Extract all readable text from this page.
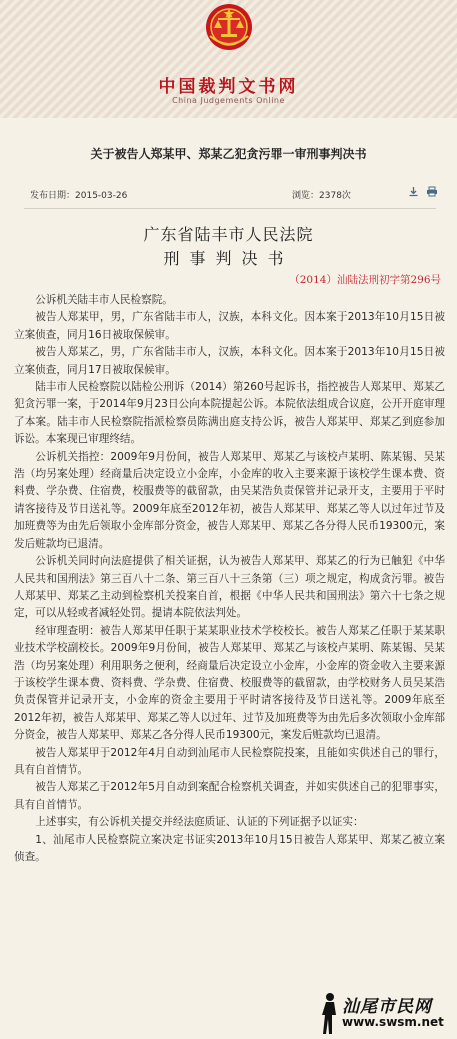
中国裁判文书网
China Judgements Online
关于被告人郑某甲、郑某乙犯贪污罪一审刑事判决书
发布日期：2015-03-26	浏览：2378次
广东省陆丰市人民法院
刑事判决书
（2014）汕陆法刑初字第296号

公诉机关陆丰市人民检察院。

被告人郑某甲，男，广东省陆丰市人，汉族，本科文化。因本案于2013年10月15日被立案侦查，同月16日被取保候审。

被告人郑某乙，男，广东省陆丰市人，汉族，本科文化。因本案于2013年10月15日被立案侦查，同月17日被取保候审。

陆丰市人民检察院以陆检公刑诉（2014）第260号起诉书，指控被告人郑某甲、郑某乙犯贪污罪一案，于2014年9月23日公向本院提起公诉。本院依法组成合议庭，公开开庭审理了本案。陆丰市人民检察院指派检察员陈满出庭支持公诉，被告人郑某甲、郑某乙到庭参加诉讼。本案现已审理终结。

公诉机关指控：2009年9月份间，被告人郑某甲、郑某乙与该校卢某明、陈某锡、吴某浩（均另案处理）经商量后决定设立小金库，小金库的收入主要来源于该校学生课本费、资料费、学杂费、住宿费，校服费等的截留款，由吴某浩负责保管并记录开支，主要用于平时请客接待及节日送礼等。2009年底至2012年初，被告人郑某甲、郑某乙等人以过年过节及加班费等为由先后领取小金库部分资金，被告人郑某甲、郑某乙各分得人民币19300元，案发后赃款均已退清。

公诉机关同时向法庭提供了相关证据，认为被告人郑某甲、郑某乙的行为已触犯《中华人民共和国刑法》第三百八十二条、第三百八十三条第（三）项之规定，构成贪污罪。被告人郑某甲、郑某乙主动到检察机关投案自首，根据《中华人民共和国刑法》第六十七条之规定，可以从轻或者减轻处罚。提请本院依法判处。

经审理查明：被告人郑某甲任职于某某职业技术学校校长。被告人郑某乙任职于某某职业技术学校副校长。2009年9月份间，被告人郑某甲、郑某乙与该校卢某明、陈某锡、吴某浩（均另案处理）利用职务之便利，经商量后决定设立小金库，小金库的资金收入主要来源于该校学生课本费、资料费、学杂费、住宿费、校服费等的截留款，由学校财务人员吴某浩负责保管并记录开支，小金库的资金主要用于平时请客接待及节日送礼等。2009年底至2012年初，被告人郑某甲、郑某乙等人以过年、过节及加班费等为由先后多次领取小金库部分资金，被告人郑某甲、郑某乙各分得人民币19300元，案发后赃款均已退清。

被告人郑某甲于2012年4月自动到汕尾市人民检察院投案，且能如实供述自己的罪行，具有自首情节。

被告人郑某乙于2012年5月自动到案配合检察机关调查，并如实供述自己的犯罪事实，具有自首情节。

上述事实，有公诉机关提交并经法庭质证、认证的下列证据予以证实：

1、汕尾市人民检察院立案决定书证实2013年10月15日被告人郑某甲、郑某乙被立案侦查。

汕尾市民网
www.swsm.net
